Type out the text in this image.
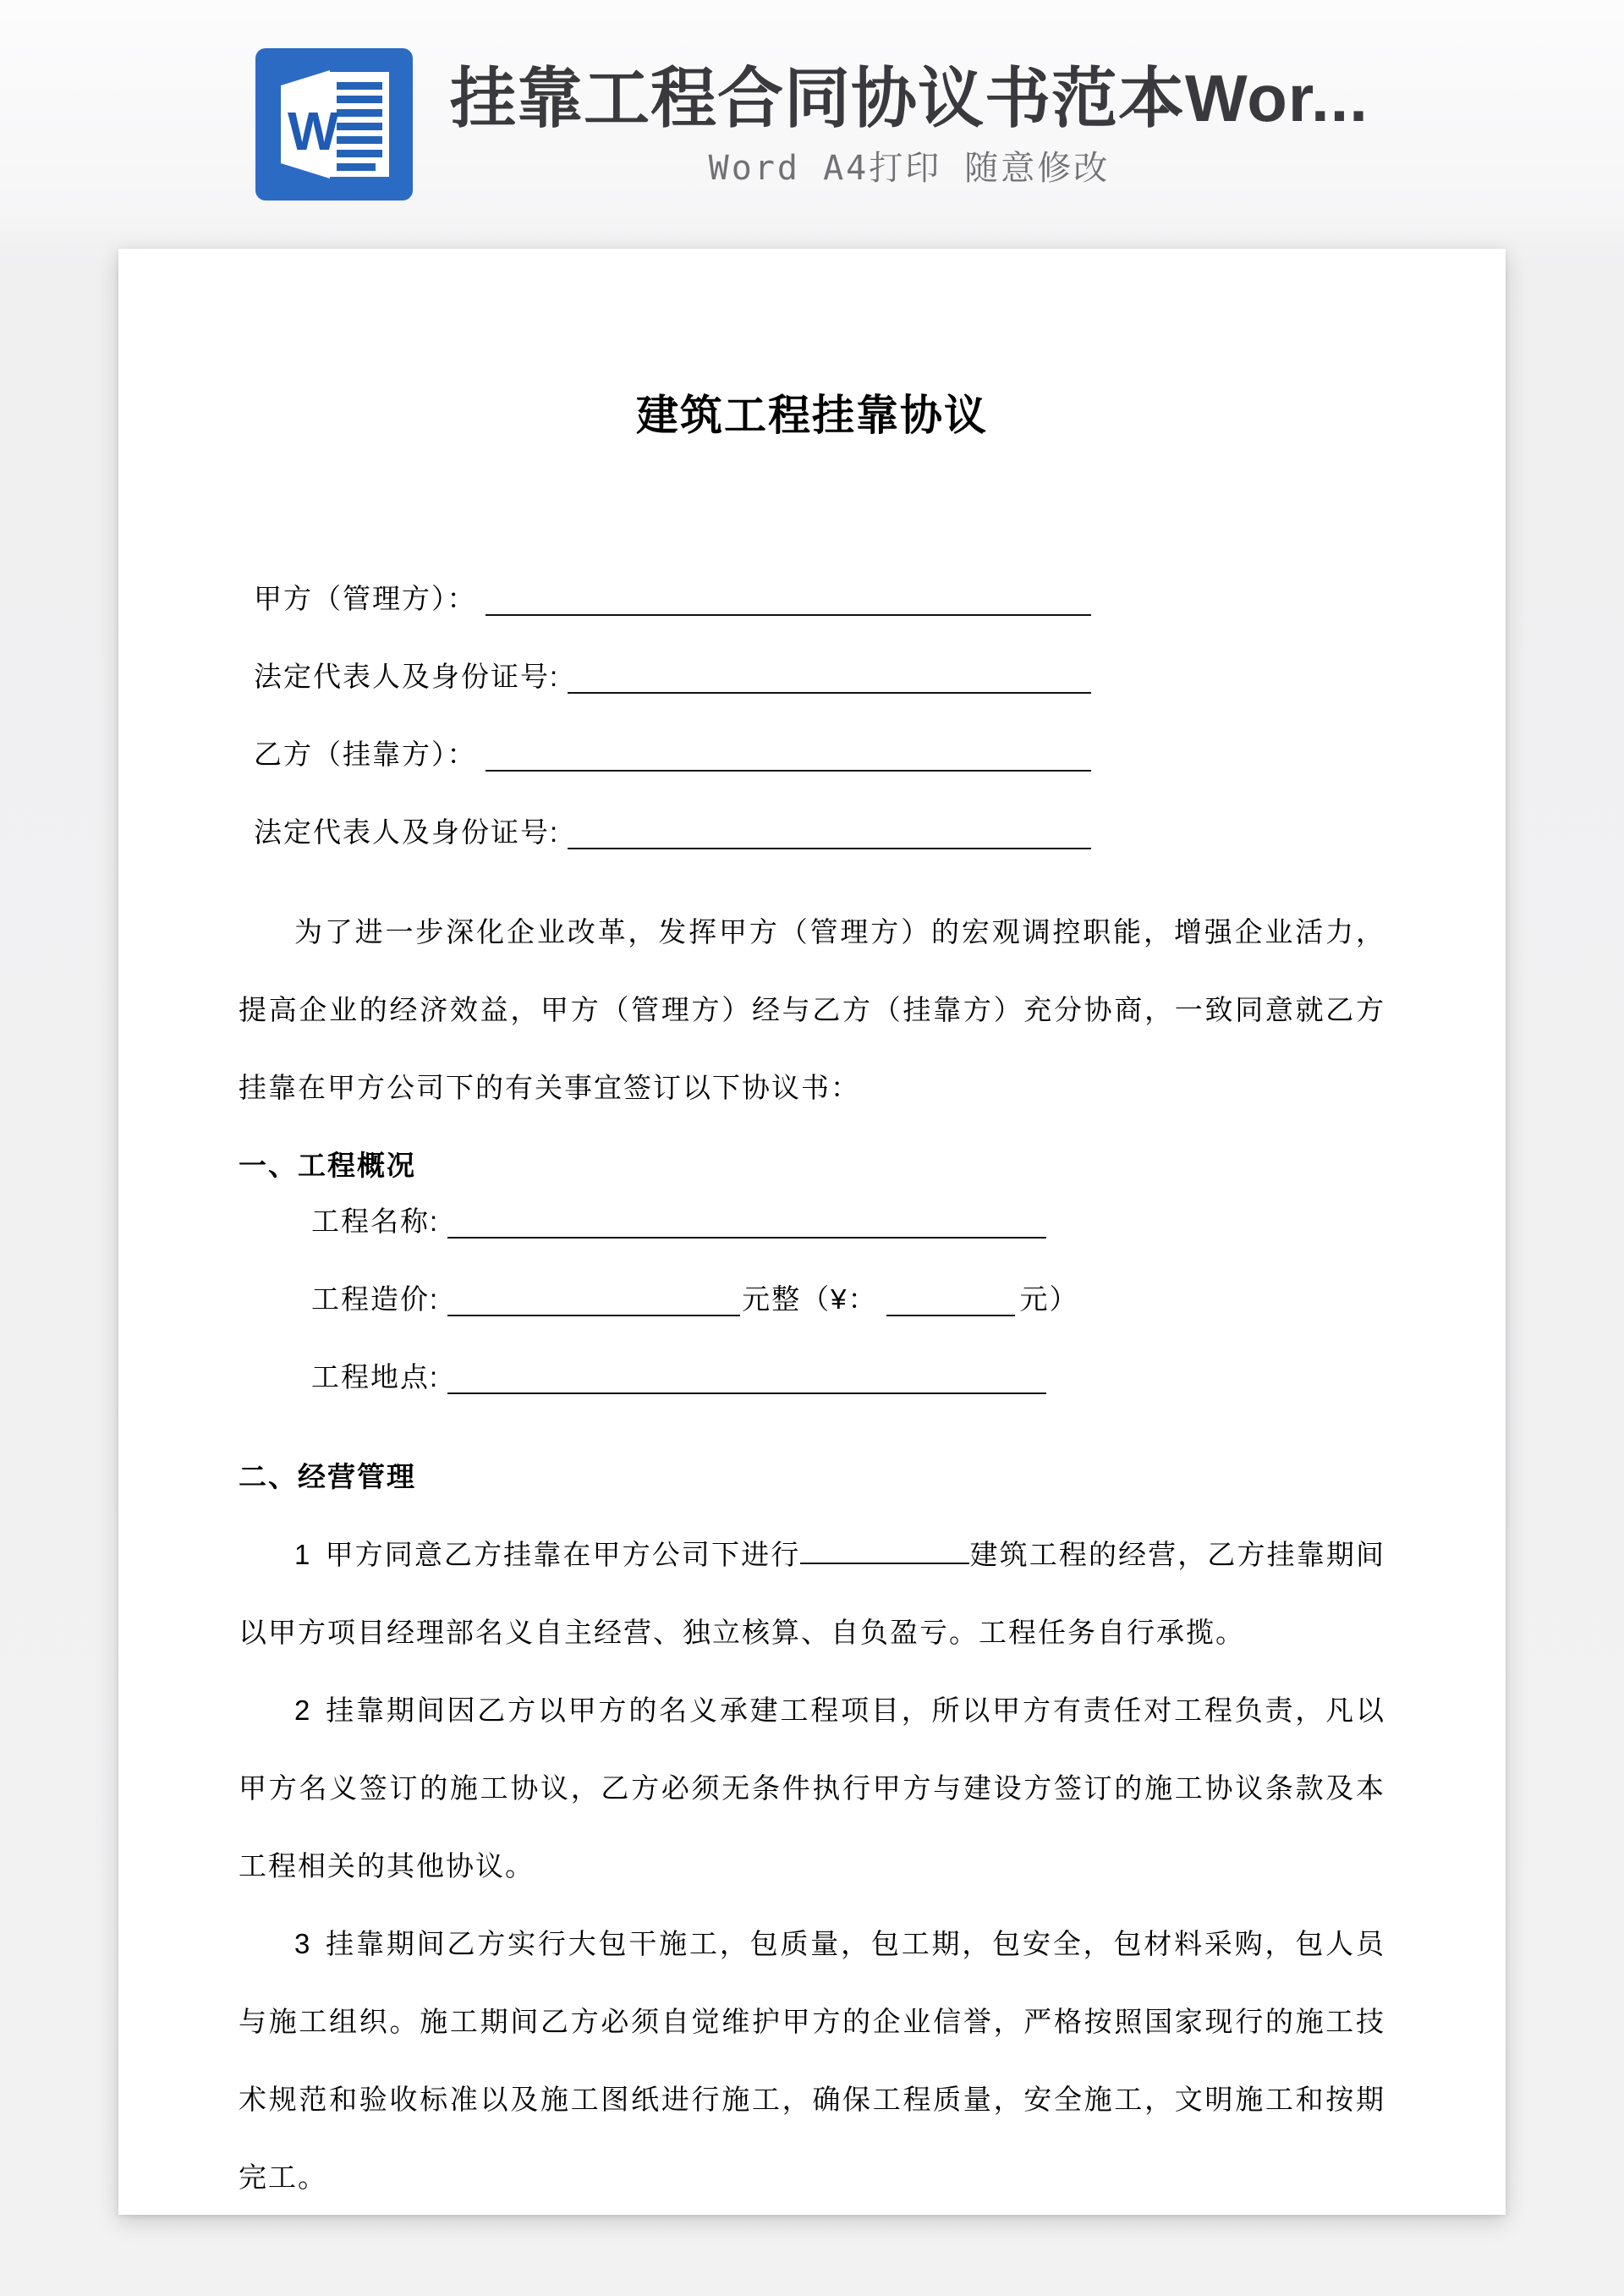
W 挂靠工程合同协议书范本Wor...
Word A4打印 随意修改
建筑工程挂靠协议
甲方（管理方）：
法定代表人及身份证号:
乙方（挂靠方）：
法定代表人及身份证号:

为了进一步深化企业改革，发挥甲方（管理方）的宏观调控职能，增强企业活力，提高企业的经济效益，甲方（管理方）经与乙方（挂靠方）充分协商，一致同意就乙方挂靠在甲方公司下的有关事宜签订以下协议书：

一、工程概况
工程名称:
工程造价:	元整（¥：	元）
工程地点:
二、经营管理

1 甲方同意乙方挂靠在甲方公司下进行	建筑工程的经营，乙方挂靠期间以甲方项目经理部名义自主经营、独立核算、自负盈亏。工程任务自行承揽。

2 挂靠期间因乙方以甲方的名义承建工程项目，所以甲方有责任对工程负责，凡以甲方名义签订的施工协议，乙方必须无条件执行甲方与建设方签订的施工协议条款及本工程相关的其他协议。

3 挂靠期间乙方实行大包干施工，包质量，包工期，包安全，包材料采购，包人员与施工组织。施工期间乙方必须自觉维护甲方的企业信誉，严格按照国家现行的施工技术规范和验收标准以及施工图纸进行施工，确保工程质量，安全施工，文明施工和按期完工。
